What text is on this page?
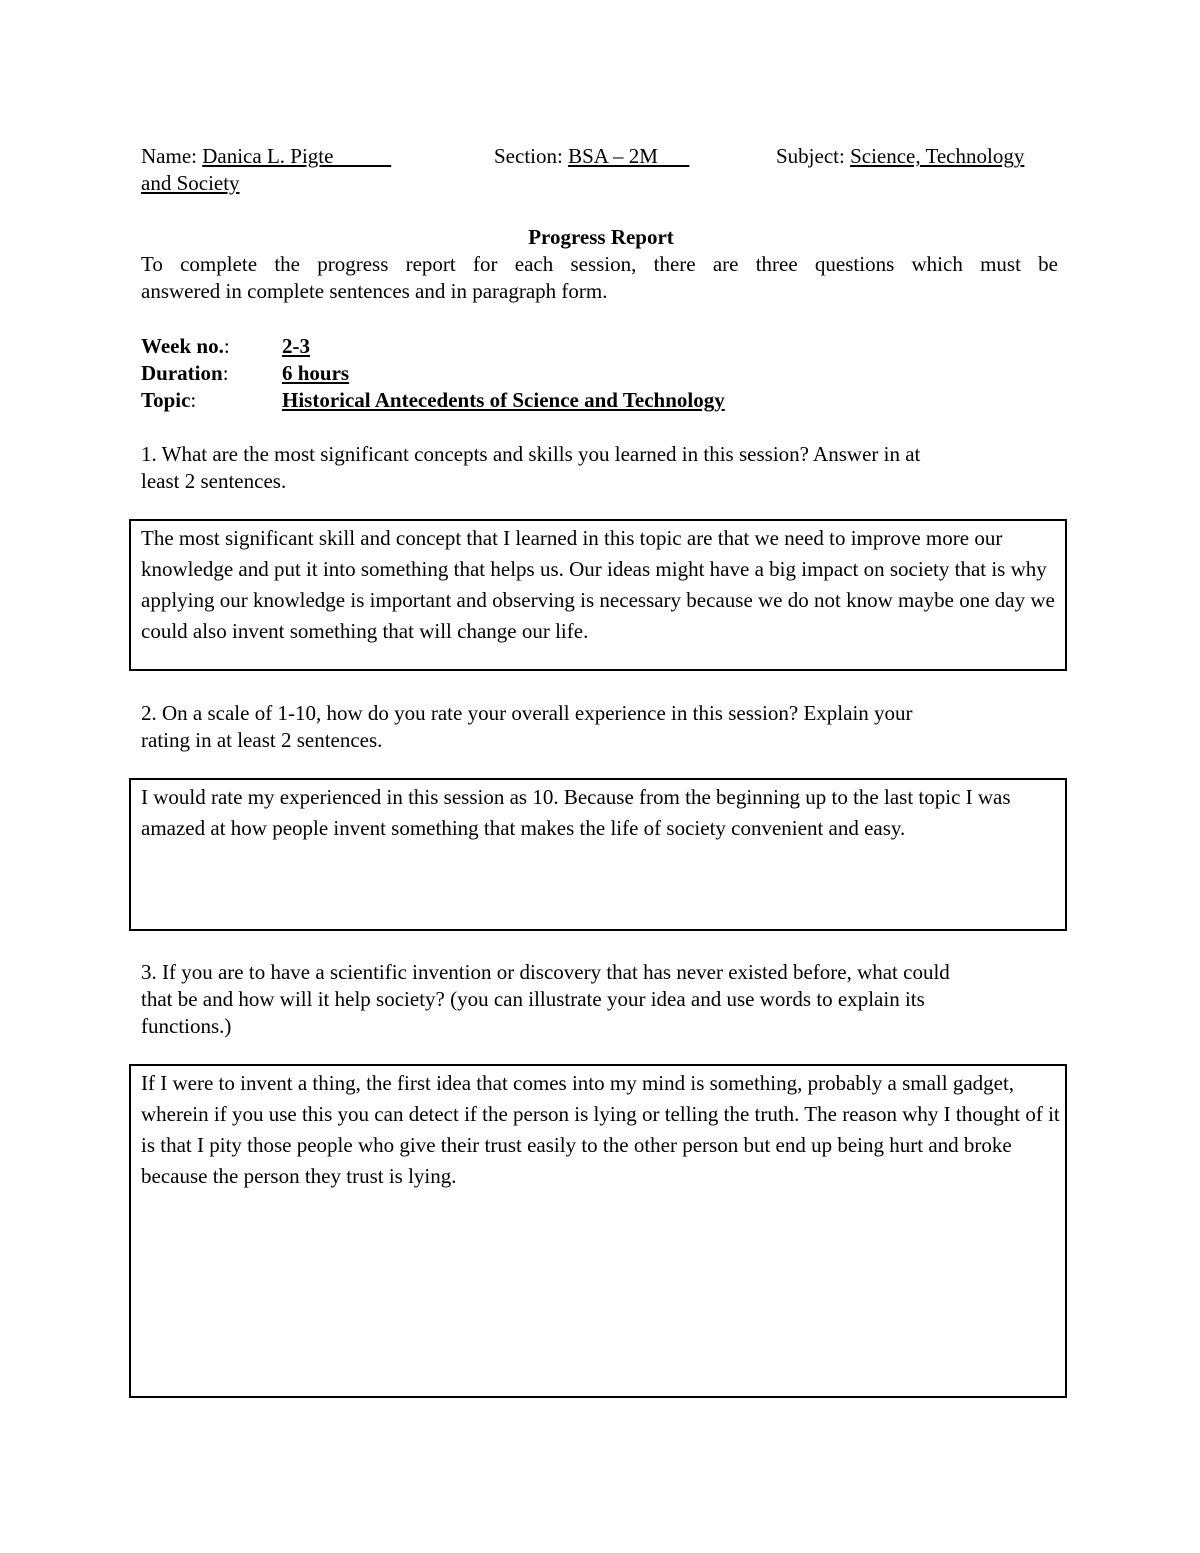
Name: Danica L. Pigte	Section: BSA – 2M	Subject: Science, Technology
and Society
Progress Report
To complete the progress report for each session, there are three questions which must be
answered in complete sentences and in paragraph form.
Week no.: 2-3
Duration:	6 hours
Topic:	Historical Antecedents of Science and Technology
1. What are the most significant concepts and skills you learned in this session? Answer in at
least 2 sentences.
The most significant skill and concept that I learned in this topic are that we need to improve more our knowledge and put it into something that helps us. Our ideas might have a big impact on society that is why applying our knowledge is important and observing is necessary because we do not know maybe one day we could also invent something that will change our life.
2. On a scale of 1-10, how do you rate your overall experience in this session? Explain your
rating in at least 2 sentences.
I would rate my experienced in this session as 10. Because from the beginning up to the last topic I was amazed at how people invent something that makes the life of society convenient and easy.
3. If you are to have a scientific invention or discovery that has never existed before, what could
that be and how will it help society? (you can illustrate your idea and use words to explain its
functions.)
If I were to invent a thing, the first idea that comes into my mind is something, probably a small gadget, wherein if you use this you can detect if the person is lying or telling the truth. The reason why I thought of it is that I pity those people who give their trust easily to the other person but end up being hurt and broke because the person they trust is lying.
